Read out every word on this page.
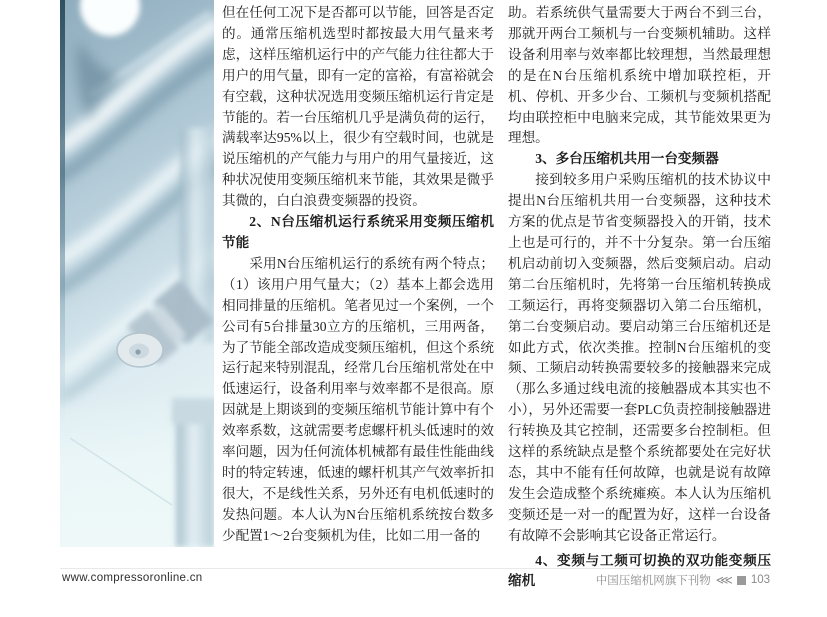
但在任何工况下是否都可以节能，回答是否定的。通常压缩机选型时都按最大用气量来考虑，这样压缩机运行中的产气能力往往都大于用户的用气量，即有一定的富裕，有富裕就会有空载，这种状况选用变频压缩机运行肯定是节能的。若一台压缩机几乎是满负荷的运行，满载率达95%以上，很少有空载时间，也就是说压缩机的产气能力与用户的用气量接近，这种状况使用变频压缩机来节能，其效果是微乎其微的，白白浪费变频器的投资。

2、N台压缩机运行系统采用变频压缩机节能

采用N台压缩机运行的系统有两个特点；（1）该用户用气量大；（2）基本上都会选用相同排量的压缩机。笔者见过一个案例，一个公司有5台排量30立方的压缩机，三用两备，为了节能全部改造成变频压缩机，但这个系统运行起来特别混乱，经常几台压缩机常处在中低速运行，设备利用率与效率都不是很高。原因就是上期谈到的变频压缩机节能计算中有个效率系数，这就需要考虑螺杆机头低速时的效率问题，因为任何流体机械都有最佳性能曲线时的特定转速，低速的螺杆机其产气效率折扣很大，不是线性关系，另外还有电机低速时的发热问题。本人认为N台压缩机系统按台数多少配置1～2台变频机为佳，比如二用一备的

助。若系统供气量需要大于两台不到三台，那就开两台工频机与一台变频机辅助。这样设备利用率与效率都比较理想，当然最理想的是在N台压缩机系统中增加联控柜，开机、停机、开多少台、工频机与变频机搭配均由联控柜中电脑来完成，其节能效果更为理想。

3、多台压缩机共用一台变频器

接到较多用户采购压缩机的技术协议中提出N台压缩机共用一台变频器，这种技术方案的优点是节省变频器投入的开销，技术上也是可行的，并不十分复杂。第一台压缩机启动前切入变频器，然后变频启动。启动第二台压缩机时，先将第一台压缩机转换成工频运行，再将变频器切入第二台压缩机，第二台变频启动。要启动第三台压缩机还是如此方式，依次类推。控制N台压缩机的变频、工频启动转换需要较多的接触器来完成（那么多通过线电流的接触器成本其实也不小），另外还需要一套PLC负责控制接触器进行转换及其它控制，还需要多台控制柜。但这样的系统缺点是整个系统都要处在完好状态，其中不能有任何故障，也就是说有故障发生会造成整个系统瘫痪。本人认为压缩机变频还是一对一的配置为好，这样一台设备有故障不会影响其它设备正常运行。

4、变频与工频可切换的双功能变频压缩机

www.compressoronline.cn	中国压缩机网旗下刊物 ⋘ 103
